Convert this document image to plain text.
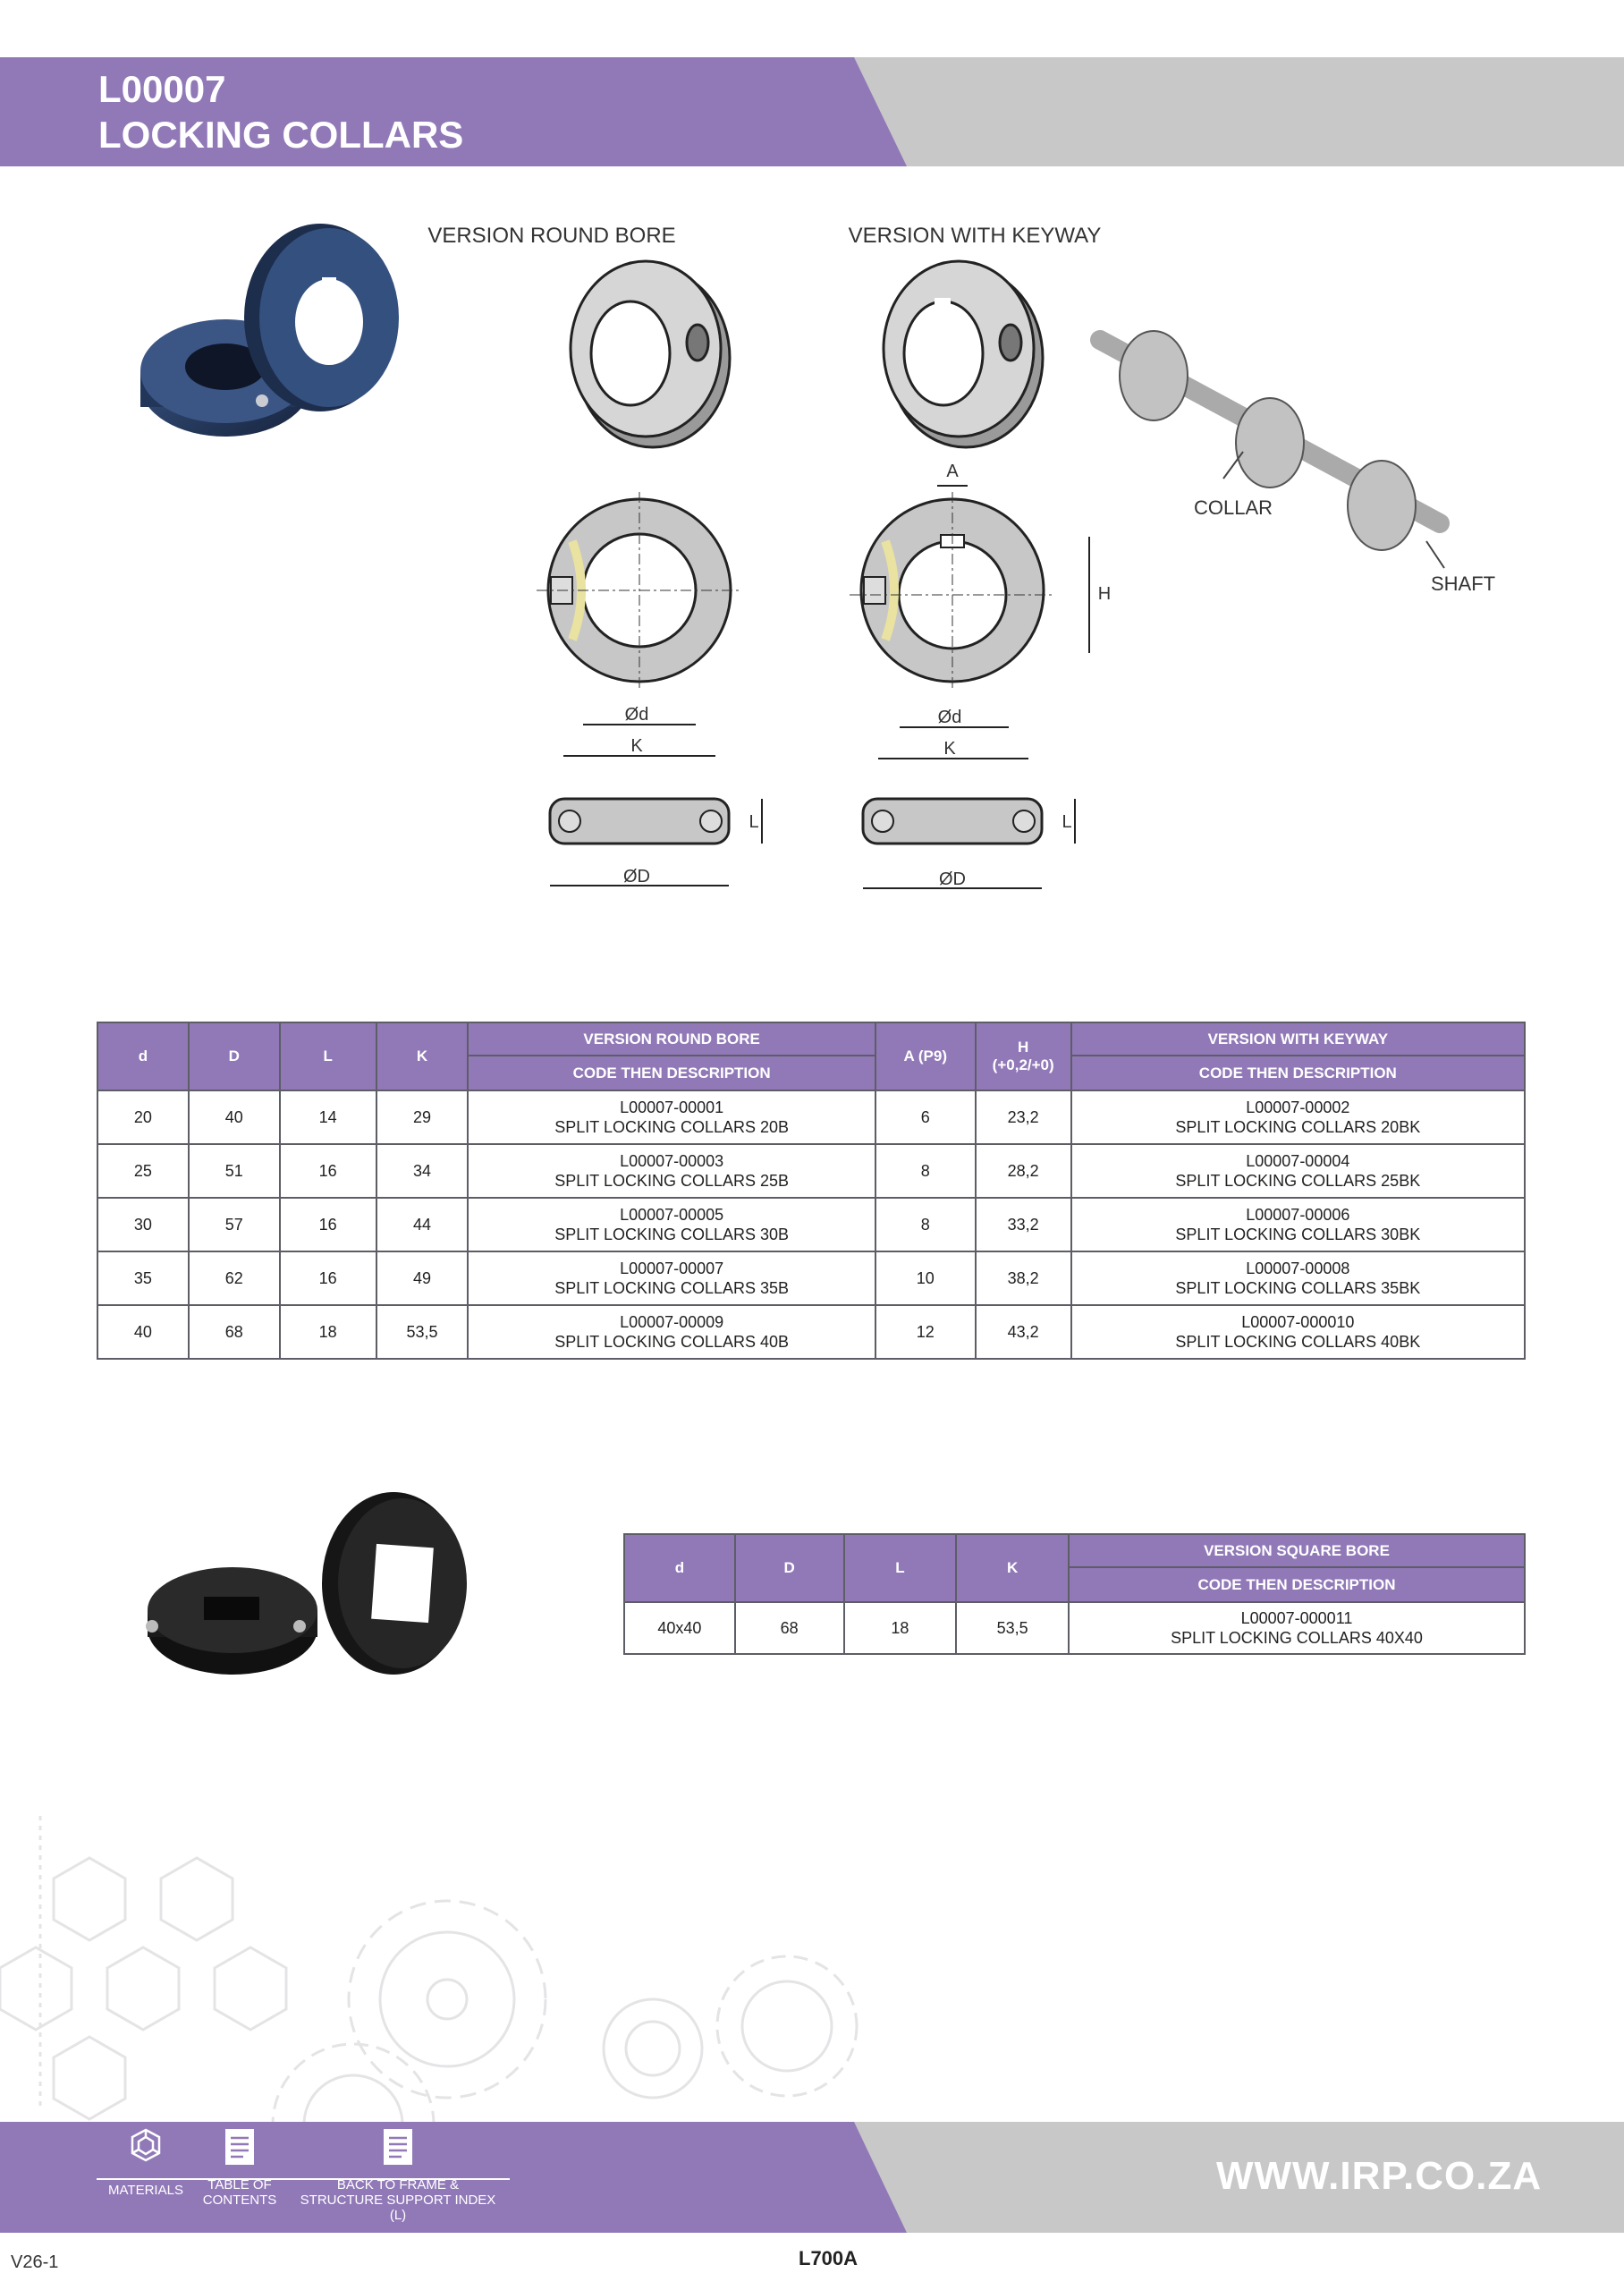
L00007
LOCKING COLLARS
VERSION ROUND BORE	VERSION WITH KEYWAY
COLLAR
SHAFT
Ød
K
A
H
Ød
K
ØD
L
ØD
L
d	D	L	K	VERSION ROUND BORE	A (P9)	H
(+0,2/+0)	VERSION WITH KEYWAY
				CODE THEN DESCRIPTION			CODE THEN DESCRIPTION
20	40	14	29	L00007-00001
SPLIT LOCKING COLLARS 20B	6	23,2	L00007-00002
SPLIT LOCKING COLLARS 20BK

25	51	16	34	L00007-00003
SPLIT LOCKING COLLARS 25B	8	28,2	L00007-00004
SPLIT LOCKING COLLARS 25BK

30	57	16	44	L00007-00005
SPLIT LOCKING COLLARS 30B	8	33,2	L00007-00006
SPLIT LOCKING COLLARS 30BK

35	62	16	49	L00007-00007
SPLIT LOCKING COLLARS 35B	10	38,2	L00007-00008
SPLIT LOCKING COLLARS 35BK

40	68	18	53,5	L00007-00009
SPLIT LOCKING COLLARS 40B	12	43,2	L00007-000010
SPLIT LOCKING COLLARS 40BK
d	D	L	K	VERSION SQUARE BORE
				CODE THEN DESCRIPTION
40x40	68	18	53,5	L00007-000011
SPLIT LOCKING COLLARS 40X40
MATERIALS	TABLE OF CONTENTS
BACK TO FRAME & STRUCTURE SUPPORT INDEX (L)
WWW.IRP.CO.ZA
V26-1	L700A
